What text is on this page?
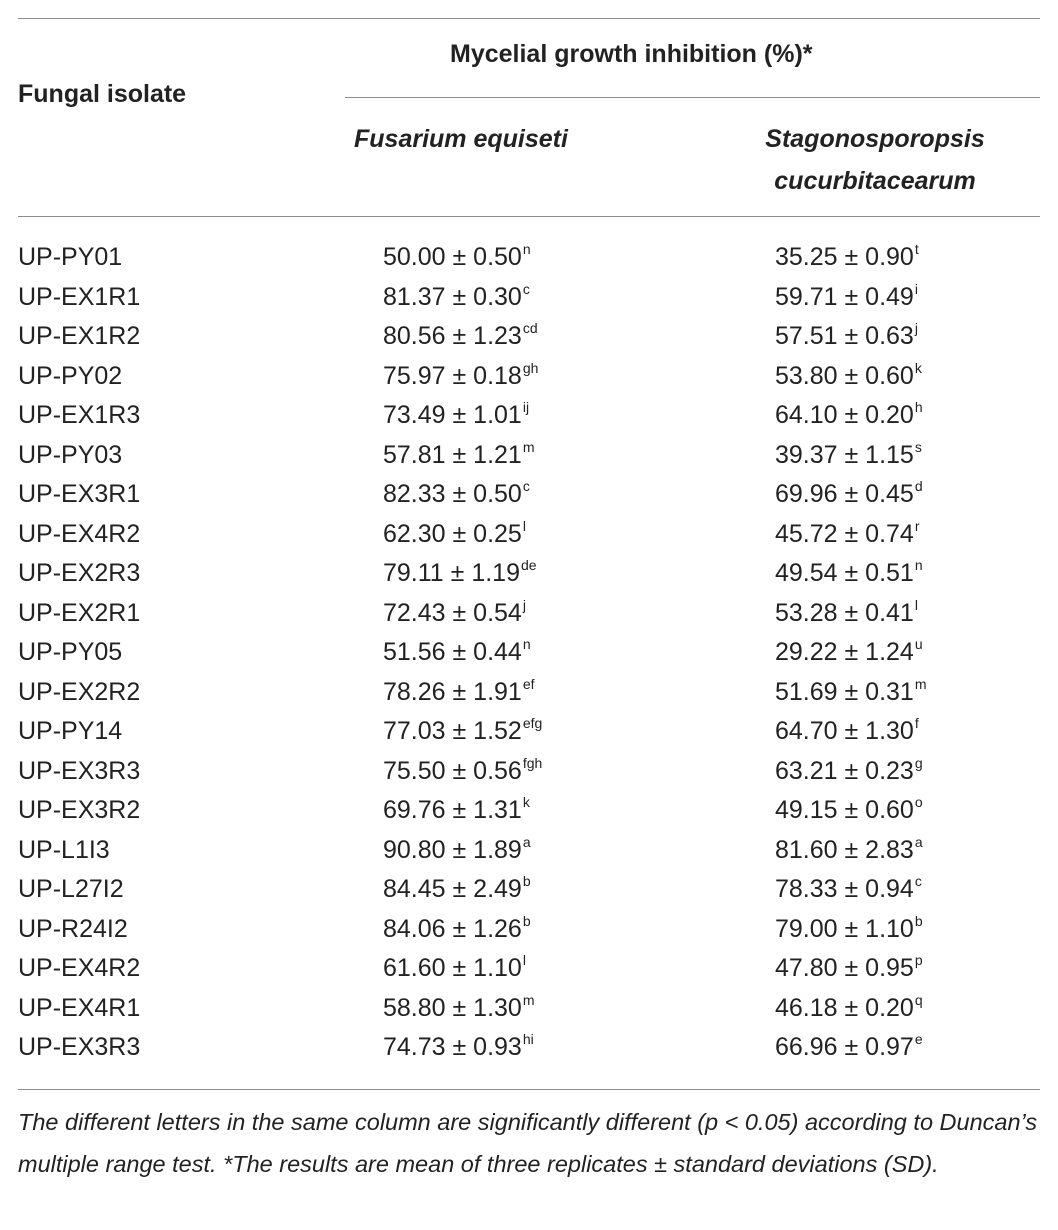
Mycelial growth inhibition (%)*
Fungal isolate
Fusarium equiseti	Stagonosporopsis cucurbitacearum
UP-PY01	$50.00 \pm 0.50^n$	$35.25 \pm 0.90^t$
UP-EX1R1	81.37 ± 0.30$^c$	$59.71 \pm 0.49^i$
UP-EX1R2	80.56 ± 1.23$^{cd}$	$57.51 \pm 0.63^j$
UP-PY02	75.97 ± 0.18$^{gh}$	$53.80 \pm 0.60^k$
UP-EX1R3	$73.49 \pm 1.01^{ij}$	64.10 ± 0.20$^h$
UP-PY03	$57.81 \pm 1.21^m$	$39.37 \pm 1.15^s$
UP-EX3R1	82.33 ± 0.50$^c$	69.96 ± 0.45$^d$
UP-EX4R2	$62.30 \pm 0.25^l$	$45.72 \pm 0.74^r$
UP-EX2R3	79.11 ± 1.19de	$49.54 \pm 0.51^n$
UP-EX2R1	$72.43 \pm 0.54^j$	$53.28 \pm 0.41^l$
UP-PY05	$51.56 \pm 0.44^n$	$29.22 \pm 1.24^u$
UP-EX2R2	78.26 ± 1.91$^{ef}$	$51.69 \pm 0.31^m$
UP-PY14	77.03 ± 1.52$^{efg}$	64.70 ± 1.30$^f$
UP-EX3R3	75.50 ± 0.56$^{fgh}$	63.21 ± 0.23$^g$
UP-EX3R2	$69.76 \pm 1.31^k$	$49.15 \pm 0.60^o$
UP-L1I3	90.80 ± 1.89$^a$	81.60 ± 2.83$^a$
UP-L27I2	84.45 ± 2.49$^b$	78.33 ± 0.94$^c$
UP-R24I2	84.06 ± 1.26$^b$	79.00 ± 1.10$^b$
UP-EX4R2	$61.60 \pm 1.10^l$	$47.80 \pm 0.95^p$
UP-EX4R1	$58.80 \pm 1.30^m$	$46.18 \pm 0.20^q$
UP-EX3R3	$74.73 \pm 0.93^{hi}$	66.96 ± 0.97$^e$
The different letters in the same column are significantly different (p < 0.05) according to Duncan’s multiple range test. *The results are mean of three replicates ± standard deviations (SD).
